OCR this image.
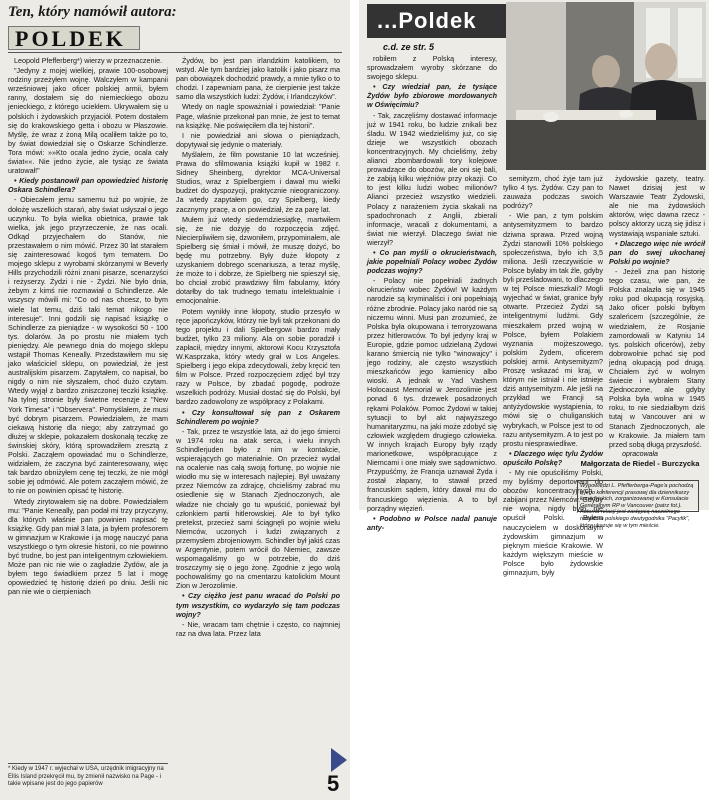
Ten, który namówił autora:
POLDEK

Leopold Pfefferberg*) wierzy w przeznaczenie.

"Jedyny z mojej wielkiej, prawie 100-osobowej rodziny przeżyłem wojnę. Walczyłem w kampanii wrześniowej jako oficer polskiej armii, byłem ranny, dostałem się do niemieckiego obozu jenieckiego, z którego uciekłem. Ukrywałem się u polskich i żydowskich przyjaciół. Potem dostałem się do krakowskiego getta i obozu w Płaszowie. Myślę, że wraz z żoną Milą ocaliłem także po to, by świat dowiedział się o Oskarze Schindlerze. Tora mówi: »»Kto ocala jedno życie, ocala cały świat««. Nie jedno życie, ale tysiąc ze świata uratował!"

• Kiedy postanowił pan opowiedzieć historię Oskara Schindlera?

- Obiecałem jemu samemu tuż po wojnie, że dołożę wszelkich starań, aby świat usłyszał o jego uczynku. To była wielka obietnica, prawie tak wielka, jak jego przyrzeczenie, że nas ocali. Odkąd przyjechałem do Stanów, nie przestawałem o nim mówić. Przez 30 lat starałem się zainteresować kogoś tym tematem. Do mojego sklepu z wyrobami skórzanymi w Beverly Hills przychodzili różni znani pisarze, scenarzyści i reżyserzy. Żydzi i nie - Żydzi. Nie było dnia, żebym z kimś nie rozmawiał o Schindlerze. Ale wszyscy mówili mi: "Co od nas chcesz, to bym wiele lat temu, dziś taki temat nikogo nie interesuje". Inni godzili się napisać książkę o Schindlerze za pieniądze - w wysokości 50 - 100 tys. dolarów. Ja po prostu nie miałem tych pieniędzy. Ale pewnego dnia do mojego sklepu wstąpił Thomas Keneally. Przedstawiłem mu się jako właściciel sklepu, on powiedział, że jest australijskim pisarzem. Zapytałem, co napisał, bo nigdy o nim nie słyszałem, choć dużo czytam. Wtedy wyjął z bardzo zniszczonej teczki książkę. Na tylnej stronie były świetne recenzje z "New York Timesa" i "Observera". Pomyślałem, że musi być dobrym pisarzem. Powiedziałem, że mam ciekawą historię dla niego; aby zatrzymać go dłużej w sklepie, pokazałem doskonałą teczkę ze świnskiej skóry, którą sprowadziłem zresztą z Polski. Zacząłem opowiadać mu o Schindlerze, widziałem, że zaczyna być zainteresowany, więc tak bardzo obniżyłem cenę tej teczki, że nie mógł sobie jej odmówić. Ale potem zacząłem mówić, że to nie on powinien opisać tę historię.

Wtedy zirytowałem się na dobre. Powiedziałem mu: "Panie Keneally, pan podał mi trzy przyczyny, dla których właśnie pan powinien napisać tę książkę. Gdy pan miał 3 lata, ja byłem profesorem w gimnazjum w Krakowie i ja mogę nauczyć pana wszystkiego o tym okresie historii, co nie powinno być trudne, bo jest pan inteligentnym człowiekiem. Może pan nic nie wie o zagładzie Żydów, ale ja byłem tego świadkiem przez 5 lat i mogę opowiedzieć tę historię dzień po dniu. Jeśli nic pan nie wie o cierpieniach

Żydów, bo jest pan irlandzkim katolikiem, to wstyd. Ale tym bardziej jako katolik i jako pisarz ma pan obowiązek dochodzić prawdy, a mnie tylko o to chodzi. I zapewniam pana, że cierpienie jest także samo dla wszystkich ludzi: Żydów, i Irlandczyków".

Wtedy on nagle spoważniał i powiedział: "Panie Page, właśnie przekonał pan mnie, że jest to temat na książkę. Nie poświęciłem dla tej historii".

I nie powiedział ani słowa o pieniądzach, dopytywał się jedynie o materiały.

Myślałem, że film powstanie 10 lat wcześniej. Prawa do sfilmowania książki kupił w 1982 r. Sidney Sheinberg, dyrektor MCA-Universal Studios, wraz z Spielbergiem i dawał mu wielki budżet do dyspozycji, praktycznie nieograniczony. Ja wtedy zapytałem go, czy Spielberg, kiedy zacznymy pracę, a on powiedział, że za parę lat.

Mułem już wtedy siedemdziesiątkę, martwiłem się, że nie dożyję do rozpoczęcia zdjęć. Niecierpliwiłem się, dzwoniłem, przypominałem, ale Spielberg się śmiał i mówił, że muszę dożyć, bo będę mu potrzebny. Były duże kłopoty z uzyskaniem dobrego scenariusza, a teraz myślę, że może to i dobrze, że Spielberg nie spieszył się, bo chciał zrobić prawdziwy film fabularny, który dotarłby do tak trudnego tematu intelektualnie i emocjonalnie.

Potem wynikły inne kłopoty, studio przesyło w ręce japończyków, którzy nie byli tak przekonani do tego projektu i dali Spielbergowi bardzo mały budżet, tylko 23 miliony. Ala on sobie poradził i zapłacił, między innymi, aktorowi Kocu Krzysztofa W.Kasprzaka, który wtedy grał w Los Angeles. Spielberg i jego ekipa zdecydowali, żeby kręcić ten film w Polsce. Przed rozpoczęciem zdjęć był trzy razy w Polsce, by zbadać pogodę, podroże wszelkich podróży. Musiał dostać się do Polski, był bardzo zadowolony ze współpracy z Polakami.

• Czy konsultował się pan z Oskarem Schindlerem po wojnie?

- Tak, przez te wszystkie lata, aż do jego śmierci w 1974 roku na atak serca, i wielu innych Schindlerjuden było z nim w kontakcie, wspierających go materialnie. On przecież wydał na ocalenie nas całą swoją fortunę, po wojnie nie wiodło mu się w interesach najlepiej. Był uważany przez Niemców za zdrajcę, chcieliśmy zabrać mu osiedlenie się w Stanach Zjednoczonych, ale władze nie chciały go tu wpuścić, ponieważ był członkiem partii hitlerowskiej. Ale to był tylko pretekst, przecież sami ściągnęli po wojnie wielu Niemców, uczonych i ludzi związanych z przemysłem zbrojeniowym. Schindler był jakiś czas w Argentynie, potem wrócił do Niemiec, zawsze wspomagaliśmy go w potrzebie, do dziś troszczymy się o jego żonę. Zgodnie z jego wolą pochowaliśmy go na cmentarzu katolickim Mount Zion w Jerozolimie.

• Czy ciężko jest panu wracać do Polski po tym wszystkim, co wydarzyło się tam podczas wojny?

- Nie, wracam tam chętnie i często, co najmniej raz na dwa lata. Przez lata

* Kiedy w 1947 r. wyjechał w USA, urzędnik imigracyjny na Ellis Island przekręcił mu, by zmienił nazwisko na Page - i takie wpisane jest do jego papierów	5
...Poldek
c.d. ze str. 5

robiłem z Polską interesy, sprowadzałem wyroby skórzane do swojego sklepu.

• Czy wiedział pan, że tysiące Żydów było zbiorowe mordowanych w Oświęcimiu?

- Tak, zaczęliśmy dostawać informacje już w 1941 roku, bo ludzie znikali bez śladu. W 1942 wiedzieliśmy już, co się dzieje we wszystkich obozach koncentracyjnych. My chcieliśmy, żeby alianci zbombardowali tory kolejowe prowadzące do obozów, ale oni się bali, że zabiją kilku więźniów przy okazji. Co to jest kilku ludzi wobec milionów? Alianci przecież wszystko wiedzieli. Polacy z narażeniem życia skakali na spadochronach z Anglii, zbierali informacje, wracali z dokumentami, a świat nie wierzył. Dlaczego świat nie wierzył?

• Co pan myśli o okrucieństwach, jakie popełniali Polacy wobec Żydów podczas wojny?

- Polacy nie popełniali żadnych okrucieństw wobec Żydów! W każdym narodzie są kryminaliści i oni popełniają różne zbrodnie. Polacy jako naród nie są niczemu winni. Musi pan zrozumieć, że Polska była okupowana i terroryzowana przez hitlerowców. To był jedyny kraj w Europie, gdzie pomoc udzielaną Żydowi karano śmiercią nie tylko "winowajcy" i jego rodziny, ale często wszystkich mieszkańców jego kamienicy albo wioski. A jednak w Yad Vashem Holocaust Memorial w Jerozolimie jest ponad 6 tys. drzewek posadzonych rękami Polaków. Pomoc Żydowi w takiej sytuacji to był akt najwyższego humanitaryzmu, na jaki może zdobyć się człowiek względem drugiego człowieka. W innych krajach Europy były rządy marionetkowe, współpracujące z Niemcami i one miały swe sądownictwo. Przypuśćmy, że Francja uznawał Żyda i został złapany, to stawał przed francuskim sądem, który dawał mu do francuskiego więzienia. A to był porządny więzień.

• Podobno w Polsce nadal panuje anty-

semityzm, choć żyje tam już tylko 4 tys. Żydów. Czy pan to zauważa podczas swoich podróży?

- Wie pan, z tym polskim antysemityzmem to bardzo dziwna sprawa. Przed wojną Żydzi stanowili 10% polskiego społeczeństwa, było ich 3,5 miliona. Jeśli rzeczywiście w Polsce byłaby im tak źle, gdyby byli prześladowani, to dlaczego w tej Polsce mieszkali? Mogli wyjechać w świat, granice były otwarte. Przecież Żydzi są inteligentnymi ludźmi. Gdy mieszkałem przed wojną w Polsce, byłem Polakiem wyznania mojżeszowego, polskim Żydem, oficerem polskiej armii. Antysemityzm? Proszę wskazać mi kraj, w którym nie istniał i nie istnieje dziś antysemityzm. Ale jeśli na przykład we Francji są antyżydowskie wystąpienia, to mówi się o chuliganskich wybrykach, w Polsce jest to od razu antysemityzm. A to jest po prostu niesprawiedliwe.

• Dlaczego więc tylu Żydów opuściło Polskę?

- My nie opuściliśmy Polski, my byliśmy deportowani do obozów koncentracyjnych i zabijani przez Niemców. Gdyby nie wojna, nigdy bym nie opuścił Polski. Byłem nauczycielem w doskonałym żydowskim gimnazjum w pięknym mieście Krakowie. W każdym większym mieście w Polsce było żydowskie gimnazjum, były

żydowskie gazety, teatry. Nawet dzisiaj jest w Warszawie Teatr Żydowski, ale nie ma żydowskich aktorów, więc dawna rzecz - polscy aktorzy uczą się jidisz i wystawiają wspaniałe sztuki.

• Dlaczego więc nie wrócił pan do swej ukochanej Polski po wojnie?

- Jeżeli zna pan historię tego czasu, wie pan, że Polska znalazła się w 1945 roku pod okupacją rosyjską. Jako oficer polski byłbym szaleńcem (szczególnie, że wiedziałem, że Rosjanie zamordowali w Katyniu 14 tys. polskich oficerów), żeby dobrowolnie pchać się pod jedną okupacją pod drugą. Chciałem żyć w wolnym świecie i wybrałem Stany Zjednoczone, ale gdyby Polska była wolna w 1945 roku, to nie siedziałbym dziś tutaj w Vancouver ani w Stanach Zjednoczonych, ale w Krakowie. Ja miałem tam przed sobą długą przyszłość.

opracowała
Małgorzata de Riedel - Burczycka
Wypowiedzi L. Pfefferberga-Page'a pochodzą z jego konferencji prasowej dla dziennikarzy kanadyjskich, zorganizowanej w Konsulacie Generalnym RP w Vancouver (patrz fot.). Autorka relacji jest zastępcą naczelnego redaktora polskiego dwutygodnika "Pacyfik", który ukazuje się w tym mieście.
